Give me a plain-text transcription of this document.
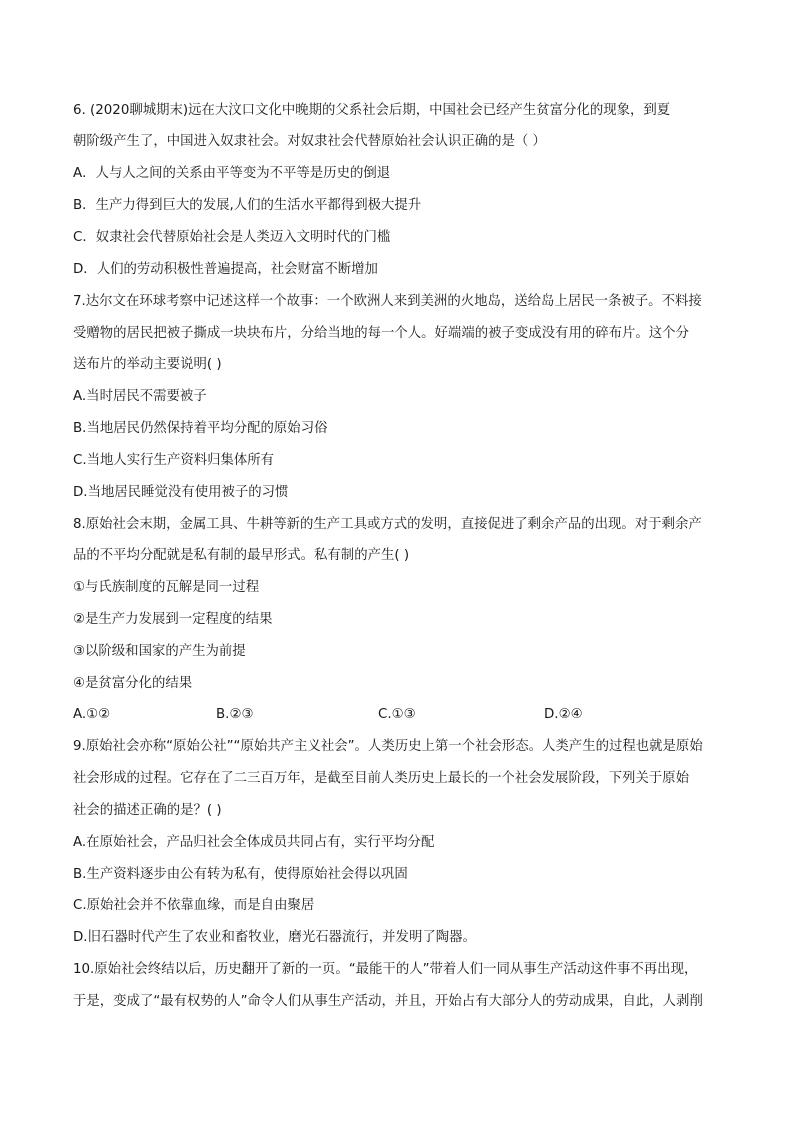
6. (2020聊城期末)远在大汶口文化中晚期的父系社会后期，中国社会已经产生贫富分化的现象，到夏
朝阶级产生了，中国进入奴隶社会。对奴隶社会代替原始社会认识正确的是（ ）
A．人与人之间的关系由平等变为不平等是历史的倒退
B．生产力得到巨大的发展,人们的生活水平都得到极大提升
C．奴隶社会代替原始社会是人类迈入文明时代的门槛
D．人们的劳动积极性普遍提高，社会财富不断增加
7.达尔文在环球考察中记述这样一个故事：一个欧洲人来到美洲的火地岛，送给岛上居民一条被子。不料接
受赠物的居民把被子撕成一块块布片，分给当地的每一个人。好端端的被子变成没有用的碎布片。这个分
送布片的举动主要说明( )
A.当时居民不需要被子
B.当地居民仍然保持着平均分配的原始习俗
C.当地人实行生产资料归集体所有
D.当地居民睡觉没有使用被子的习惯
8.原始社会末期，金属工具、牛耕等新的生产工具或方式的发明，直接促进了剩余产品的出现。对于剩余产
品的不平均分配就是私有制的最早形式。私有制的产生( )
①与氏族制度的瓦解是同一过程
②是生产力发展到一定程度的结果
③以阶级和国家的产生为前提
④是贫富分化的结果
A.①②	B.②③	C.①③	D.②④
9.原始社会亦称“原始公社”“原始共产主义社会”。人类历史上第一个社会形态。人类产生的过程也就是原始
社会形成的过程。它存在了二三百万年，是截至目前人类历史上最长的一个社会发展阶段，下列关于原始
社会的描述正确的是？( )
A.在原始社会，产品归社会全体成员共同占有，实行平均分配
B.生产资料逐步由公有转为私有，使得原始社会得以巩固
C.原始社会并不依靠血缘，而是自由聚居
D.旧石器时代产生了农业和畜牧业，磨光石器流行，并发明了陶器。
10.原始社会终结以后，历史翻开了新的一页。“最能干的人”带着人们一同从事生产活动这件事不再出现，
于是，变成了“最有权势的人”命令人们从事生产活动，并且，开始占有大部分人的劳动成果，自此，人剥削
